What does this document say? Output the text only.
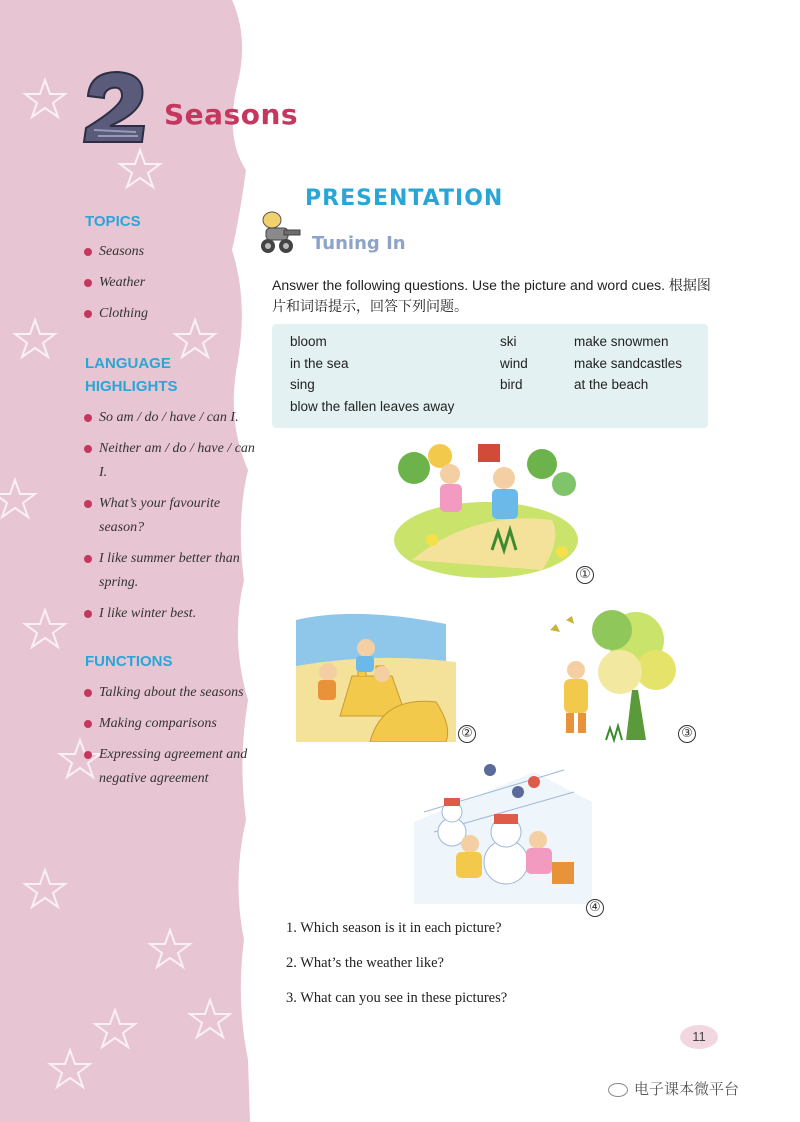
Seasons
TOPICS
Seasons
Weather
Clothing
LANGUAGE
HIGHLIGHTS
So am / do / have / can I.
Neither am / do / have / can I.
What’s your favourite season?
I like summer better than spring.
I like winter best.
FUNCTIONS
Talking about the seasons
Making comparisons
Expressing agreement and negative agreement
PRESENTATION
Tuning In
Answer the following questions. Use the picture and word cues. 根据图片和词语提示，回答下列问题。
bloom
in the sea
sing
blow the fallen leaves away
ski
wind
bird
make snowmen
make sandcastles
at the beach
①
②	③
④
1. Which season is it in each picture?
2. What’s the weather like?
3. What can you see in these pictures?
11
电子课本微平台
